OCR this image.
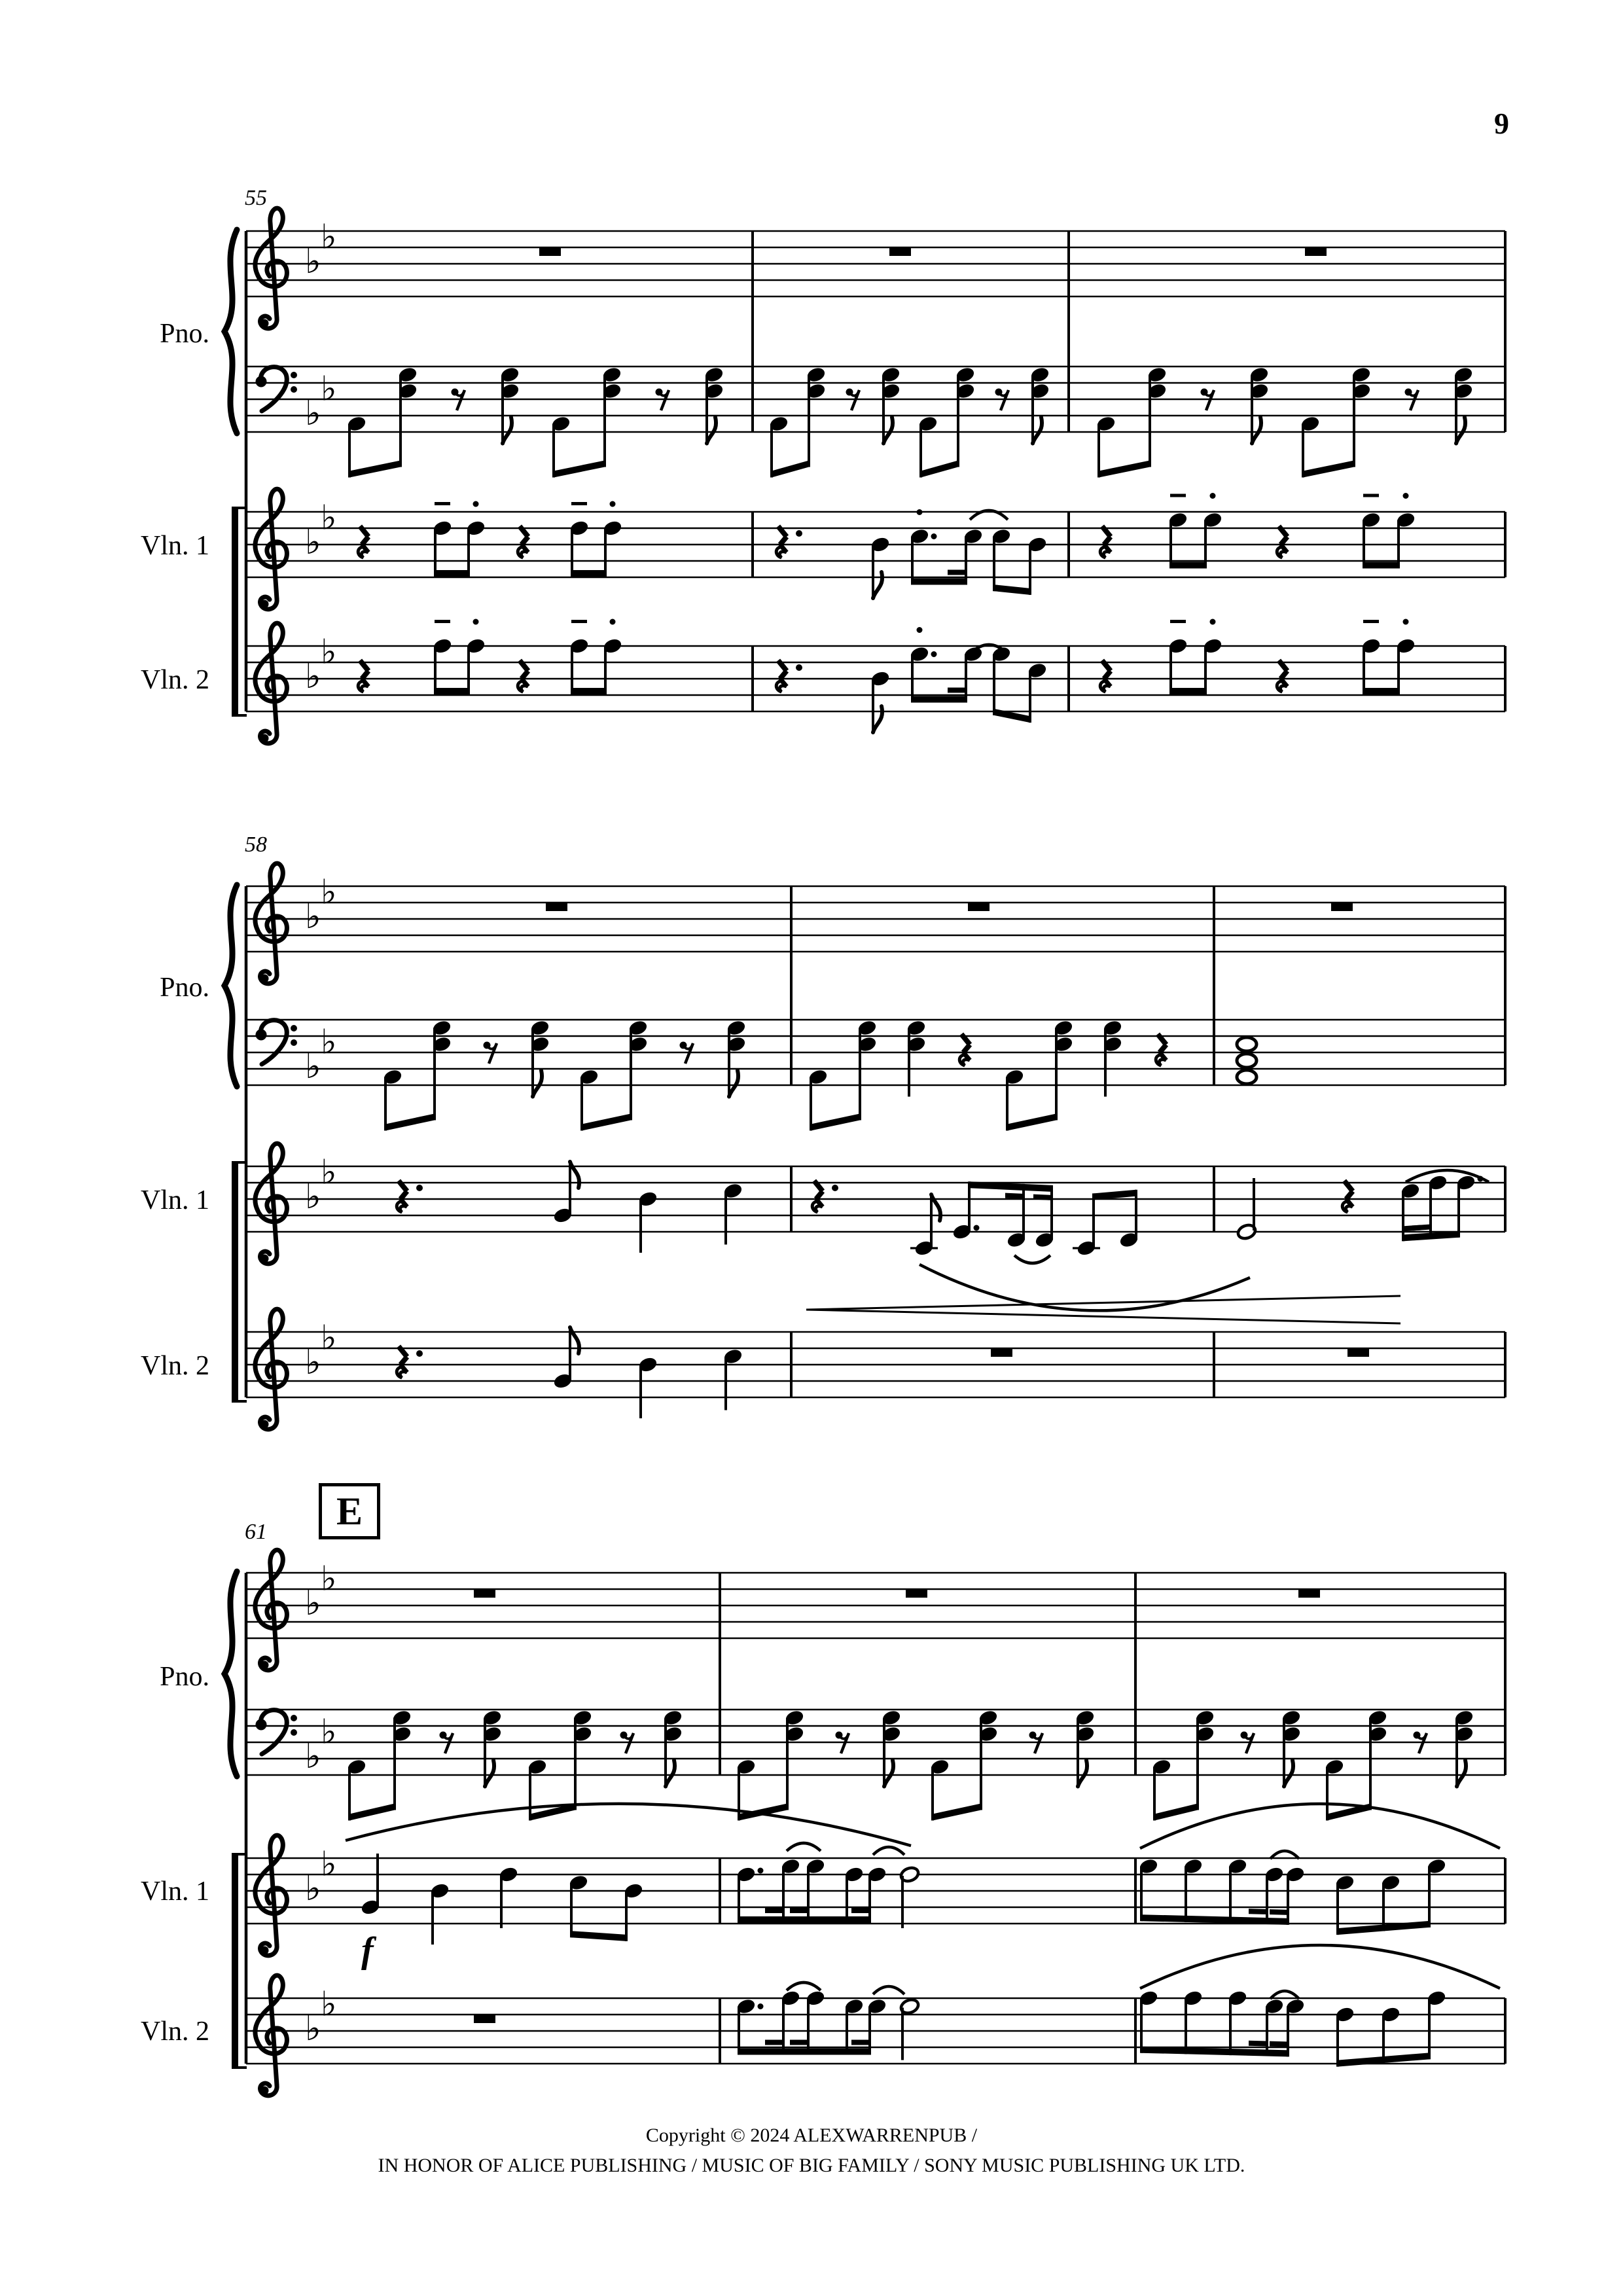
♭
♭
♭
♭
♭
♭
♭
♭
♭
♭
♭
♭
♭
♭
♭
♭
♭
♭
♭
♭
♭
♭
♭
♭
9
Copyright © 2024 ALEXWARRENPUB /
IN HONOR OF ALICE PUBLISHING / MUSIC OF BIG FAMILY / SONY MUSIC PUBLISHING UK LTD.
55
Pno.
Vln. 1
Vln. 2
58
Pno.
Vln. 1
Vln. 2
61
Pno.
Vln. 1
Vln. 2
E
f
